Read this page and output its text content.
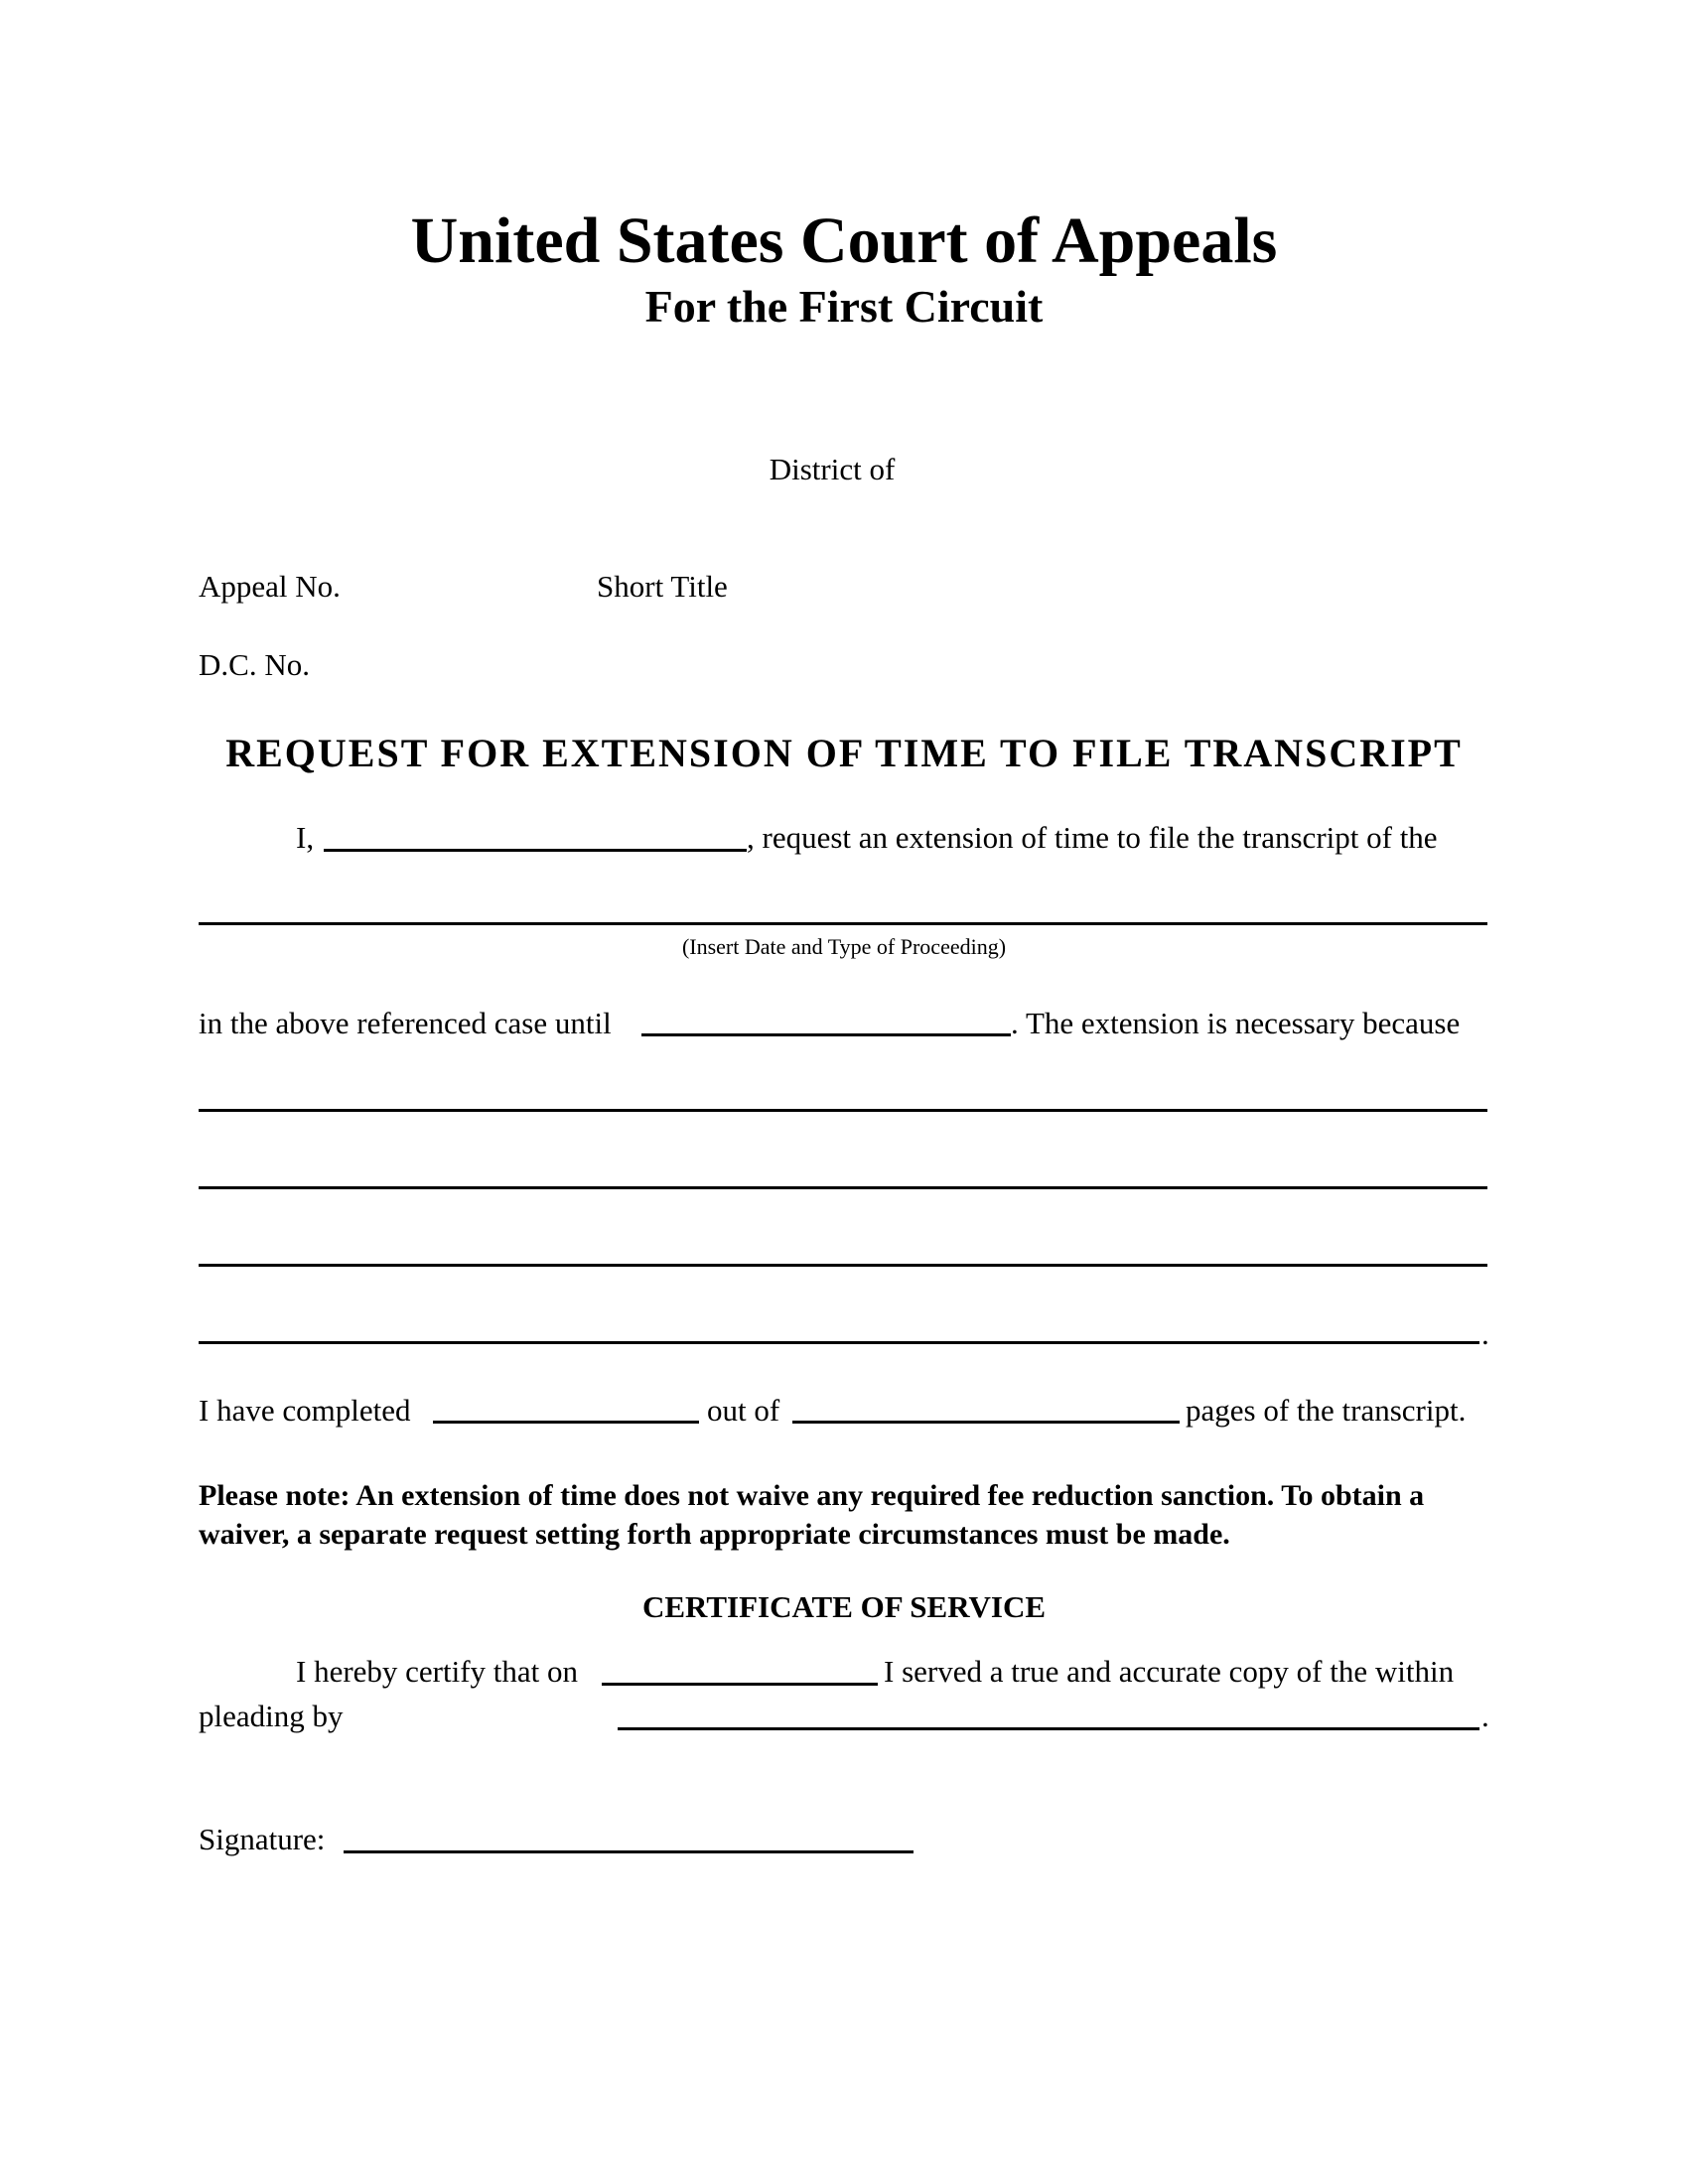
United States Court of Appeals
For the First Circuit
District of
Appeal No.	Short Title
D.C. No.
REQUEST FOR EXTENSION OF TIME TO FILE TRANSCRIPT
I,	, request an extension of time to file the transcript of the
(Insert Date and Type of Proceeding)
in the above referenced case until	. The extension is necessary because
.
I have completed	out of	pages of the transcript.
Please note: An extension of time does not waive any required fee reduction sanction. To obtain a waiver, a separate request setting forth appropriate circumstances must be made.
CERTIFICATE OF SERVICE
I hereby certify that on	I served a true and accurate copy of the within
pleading by	.
Signature:
